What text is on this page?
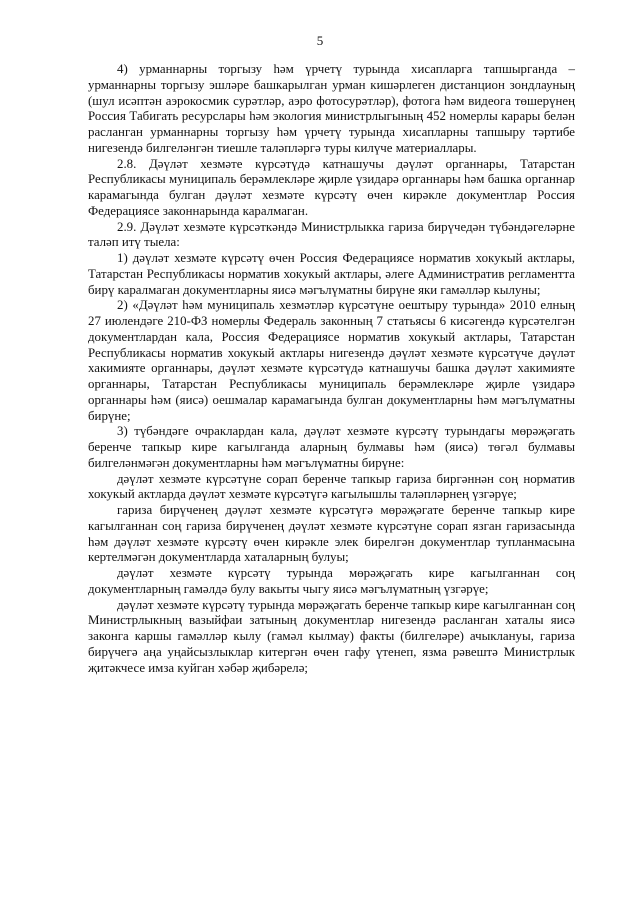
5

4) урманнарны торгызу һәм үрчетү турында хисапларга тапшырганда – урманнарны торгызу эшләре башкарылган урман кишәрлеген дистанцион зондлауның (шул исәптән аэрокосмик сурәтләр, аэро фотосурәтләр), фотога һәм видеога төшерүнең Россия Табигать ресурслары һәм экология министрлыгының 452 номерлы карары белән расланган урманнарны торгызу һәм үрчетү турында хисапларны тапшыру тәртибе нигезендә билгеләнгән тиешле таләпләргә туры килүче материаллары.

2.8. Дәүләт хезмәте күрсәтүдә катнашучы дәүләт органнары, Татарстан Республикасы муниципаль берәмлекләре җирле үзидарә органнары һәм башка органнар карамагында булган дәүләт хезмәте күрсәтү өчен кирәкле документлар Россия Федерациясе законнарында каралмаган.

2.9. Дәүләт хезмәте күрсәткәндә Министрлыкка гариза бирүчедән түбәндәгеләрне таләп итү тыела:

1) дәүләт хезмәте күрсәтү өчен Россия Федерациясе норматив хокукый актлары, Татарстан Республикасы норматив хокукый актлары, әлеге Административ регламентта бирү каралмаган документларны яисә мәгълүматны бирүне яки гамәлләр кылуны;

2) «Дәүләт һәм муниципаль хезмәтләр күрсәтүне оештыру турында» 2010 елның 27 июлендәге 210-ФЗ номерлы Федераль законның 7 статьясы 6 кисәгендә күрсәтелгән документлардан кала, Россия Федерациясе норматив хокукый актлары, Татарстан Республикасы норматив хокукый актлары нигезендә дәүләт хезмәте күрсәтүче дәүләт хакимияте органнары, дәүләт хезмәте күрсәтүдә катнашучы башка дәүләт хакимияте органнары, Татарстан Республикасы муниципаль берәмлекләре җирле үзидарә органнары һәм (яисә) оешмалар карамагында булган документларны һәм мәгълүматны бирүне;

3) түбәндәге очраклардан кала, дәүләт хезмәте күрсәтү турындагы мөрәҗәгать беренче тапкыр кире кагылганда аларның булмавы һәм (яисә) төгәл булмавы билгеләнмәгән документларны һәм мәгълүматны бирүне:

дәүләт хезмәте күрсәтүне сорап беренче тапкыр гариза биргәннән соң норматив хокукый актларда дәүләт хезмәте күрсәтүгә кагылышлы таләпләрнең үзгәрүе;

гариза бирүченең дәүләт хезмәте күрсәтүгә мөрәҗәгате беренче тапкыр кире кагылганнан соң гариза бирүченең дәүләт хезмәте күрсәтүне сорап язган гаризасында һәм дәүләт хезмәте күрсәтү өчен кирәкле элек бирелгән документлар тупланмасына кертелмәгән документларда хаталарның булуы;

дәүләт хезмәте күрсәтү турында мөрәҗәгать кире кагылганнан соң документларның гамәлдә булу вакыты чыгу яисә мәгълүматның үзгәрүе;

дәүләт хезмәте күрсәтү турында мөрәҗәгать беренче тапкыр кире кагылганнан соң Министрлыкның вазыйфаи затының документлар нигезендә расланган хаталы яисә законга каршы гамәлләр кылу (гамәл кылмау) факты (билгеләре) ачыклануы, гариза бирүчегә аңа уңайсызлыклар китергән өчен гафу үтенеп, язма рәвештә Министрлык җитәкчесе имза куйган хәбәр җибәрелә;
